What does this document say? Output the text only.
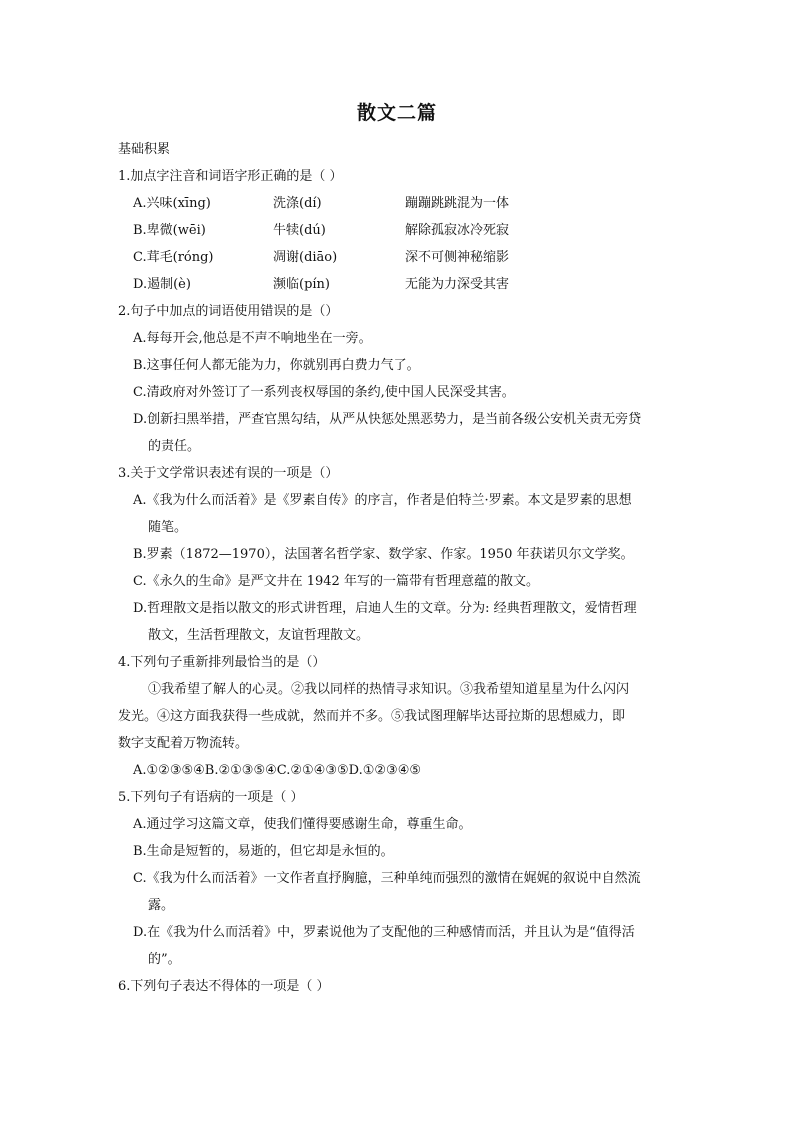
散文二篇
基础积累
1.加点字注音和词语字形正确的是（ ）
A.兴味(xīng)	洗涤(dí)	蹦蹦跳跳混为一体
B.卑微(wēi)	牛犊(dú)	解除孤寂冰冷死寂
C.茸毛(róng)	凋谢(diāo)	深不可侧神秘缩影
D.遏制(è)	濒临(pín)	无能为力深受其害
2.句子中加点的词语使用错误的是（）
A.每每开会,他总是不声不响地坐在一旁。
B.这事任何人都无能为力，你就别再白费力气了。
C.清政府对外签订了一系列丧权辱国的条约,使中国人民深受其害。
D.创新扫黑举措，严查官黑勾结，从严从快惩处黑恶势力，是当前各级公安机关责无旁贷
的责任。
3.关于文学常识表述有误的一项是（）
A.《我为什么而活着》是《罗素自传》的序言，作者是伯特兰·罗素。本文是罗素的思想
随笔。
B.罗素（1872—1970），法国著名哲学家、数学家、作家。1950 年获诺贝尔文学奖。
C.《永久的生命》是严文井在 1942 年写的一篇带有哲理意蕴的散文。
D.哲理散文是指以散文的形式讲哲理，启迪人生的文章。分为: 经典哲理散文，爱情哲理
散文，生活哲理散文，友谊哲理散文。
4.下列句子重新排列最恰当的是（）
①我希望了解人的心灵。②我以同样的热情寻求知识。③我希望知道星星为什么闪闪
发光。④这方面我获得一些成就，然而并不多。⑤我试图理解毕达哥拉斯的思想威力，即
数字支配着万物流转。
A.①②③⑤④B.②①③⑤④C.②①④③⑤D.①②③④⑤
5.下列句子有语病的一项是（ ）
A.通过学习这篇文章，使我们懂得要感谢生命，尊重生命。
B.生命是短暂的，易逝的，但它却是永恒的。
C.《我为什么而活着》一文作者直抒胸臆，三种单纯而强烈的激情在娓娓的叙说中自然流
露。
D.在《我为什么而活着》中，罗素说他为了支配他的三种感情而活，并且认为是“值得活
的”。
6.下列句子表达不得体的一项是（ ）
